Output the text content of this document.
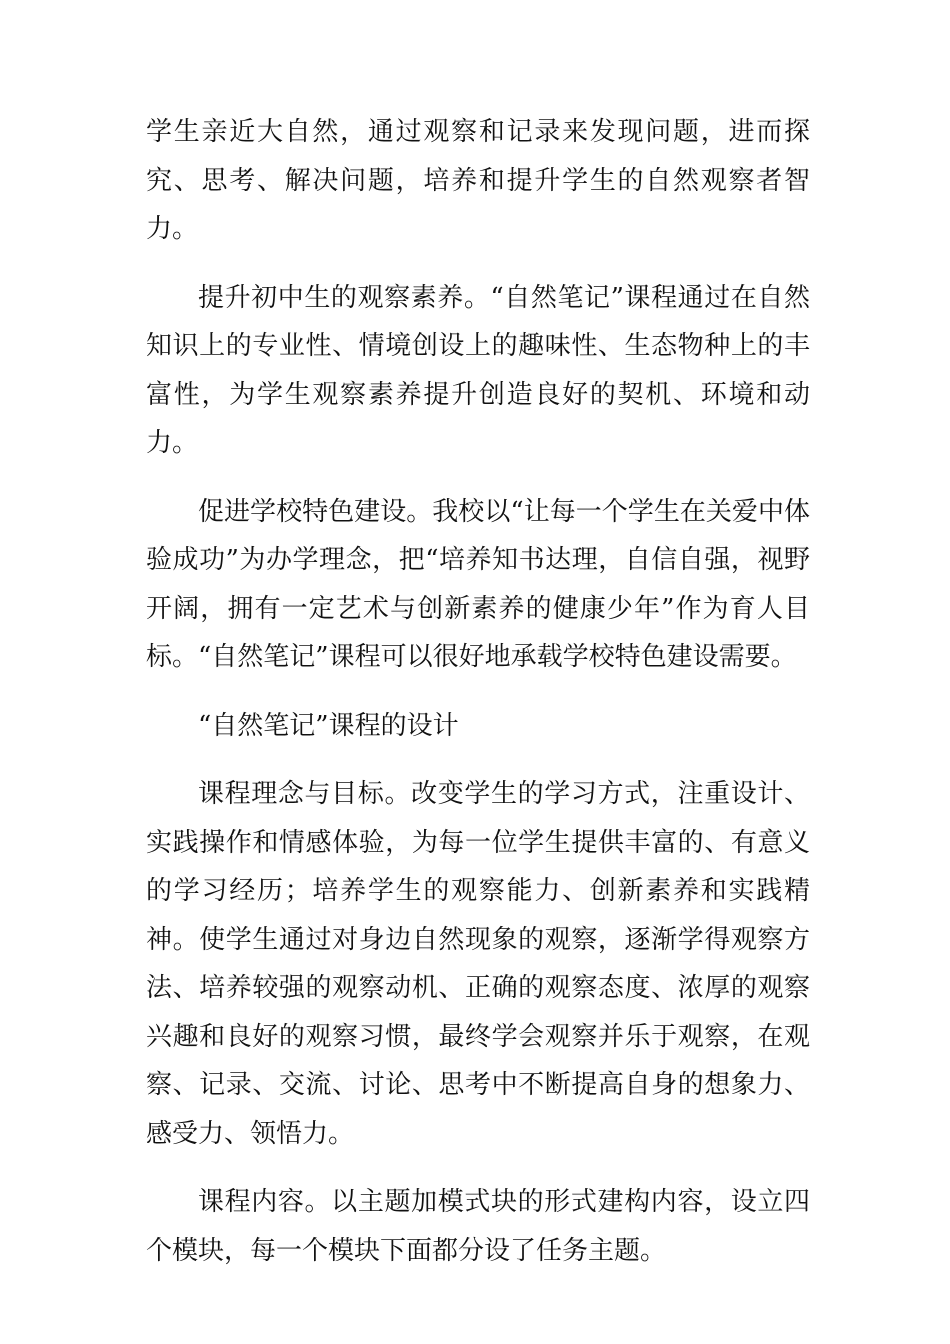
学生亲近大自然，通过观察和记录来发现问题，进而探究、思考、解决问题，培养和提升学生的自然观察者智力。

提升初中生的观察素养。“自然笔记”课程通过在自然知识上的专业性、情境创设上的趣味性、生态物种上的丰富性，为学生观察素养提升创造良好的契机、环境和动力。

促进学校特色建设。我校以“让每一个学生在关爱中体验成功”为办学理念，把“培养知书达理，自信自强，视野开阔，拥有一定艺术与创新素养的健康少年”作为育人目标。“自然笔记”课程可以很好地承载学校特色建设需要。

“自然笔记”课程的设计

课程理念与目标。改变学生的学习方式，注重设计、实践操作和情感体验，为每一位学生提供丰富的、有意义的学习经历；培养学生的观察能力、创新素养和实践精神。使学生通过对身边自然现象的观察，逐渐学得观察方法、培养较强的观察动机、正确的观察态度、浓厚的观察兴趣和良好的观察习惯，最终学会观察并乐于观察，在观察、记录、交流、讨论、思考中不断提高自身的想象力、感受力、领悟力。

课程内容。以主题加模式块的形式建构内容，设立四个模块，每一个模块下面都分设了任务主题。
